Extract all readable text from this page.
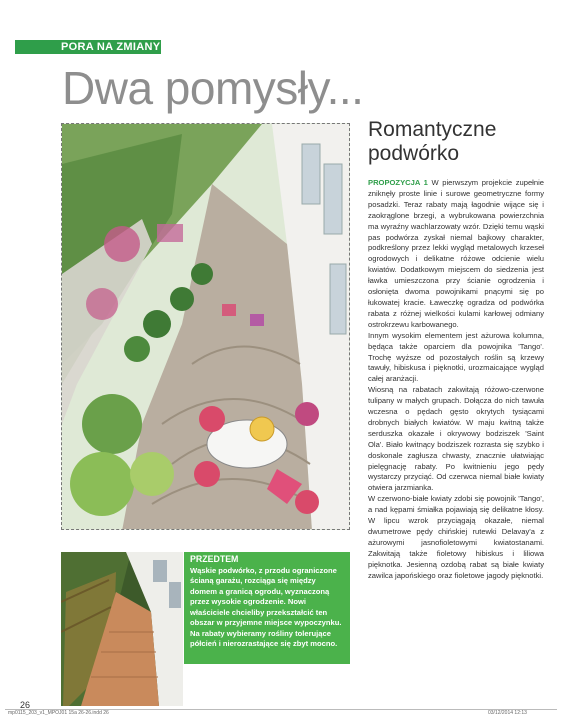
PORA NA ZMIANY
Dwa pomysły...
Romantyczne
podwórko

PROPOZYCJA 1 W pierwszym projekcie zupełnie zniknęły proste linie i surowe geometryczne formy posadzki. Teraz rabaty mają łagodnie wijące się i zaokrąglone brzegi, a wybrukowana powierzchnia ma wyraźny wachlarzowaty wzór. Dzięki temu wąski pas podwórza zyskał niemal bajkowy charakter, podkreślony przez lekki wygląd metalowych krzeseł ogrodowych i delikatne różowe odcienie wielu kwiatów. Dodatkowym miejscem do siedzenia jest ławka umieszczona przy ścianie ogrodzenia i osłonięta dwoma powojnikami pnącymi się po łukowatej kracie. Ławeczkę ogradza od podwórka rabata z różnej wielkości kulami karłowej odmiany ostrokrzewu karbowanego.

Innym wysokim elementem jest ażurowa kolumna, będąca także oparciem dla powojnika 'Tango'. Trochę wyższe od pozostałych roślin są krzewy tawuły, hibiskusa i pięknotki, urozmaicające wygląd całej aranżacji.

Wiosną na rabatach zakwitają różowo-czerwone tulipany w małych grupach. Dołącza do nich tawuła wczesna o pędach gęsto okrytych tysiącami drobnych białych kwiatów. W maju kwitną także serduszka okazałe i okrywowy bodziszek 'Saint Ola'. Biało kwitnący bodziszek rozrasta się szybko i doskonale zagłusza chwasty, znacznie ułatwiając pielęgnację rabaty. Po kwitnieniu jego pędy wystarczy przyciąć. Od czerwca niemal białe kwiaty otwiera jarzmianka.

W czerwono-białe kwiaty zdobi się powojnik 'Tango', a nad kępami śmiałka pojawiają się delikatne kłosy. W lipcu wzrok przyciągają okazałe, niemal dwumetrowe pędy chińskiej rutewki Delavay'a z ażurowymi jasnofioletowymi kwiatostanami. Zakwitają także fioletowy hibiskus i liliowa pięknotka. Jesienną ozdobą rabat są białe kwiaty zawilca japońskiego oraz fioletowe jagody pięknotki.

PRZEDTEM
Wąskie podwórko, z przodu ograniczone ścianą garażu, rozciąga się między domem a granicą ogrodu, wyznaczoną przez wysokie ogrodzenie. Nowi właściciele chcieliby przekształcić ten obszar w przyjemne miejsce wypoczynku. Na rabaty wybieramy rośliny tolerujące półcień i nierozrastające się zbyt mocno.
26
mp0115_203_v1_MPOJ01 15a 26-26.indd 26	03/12/2014 12:13
